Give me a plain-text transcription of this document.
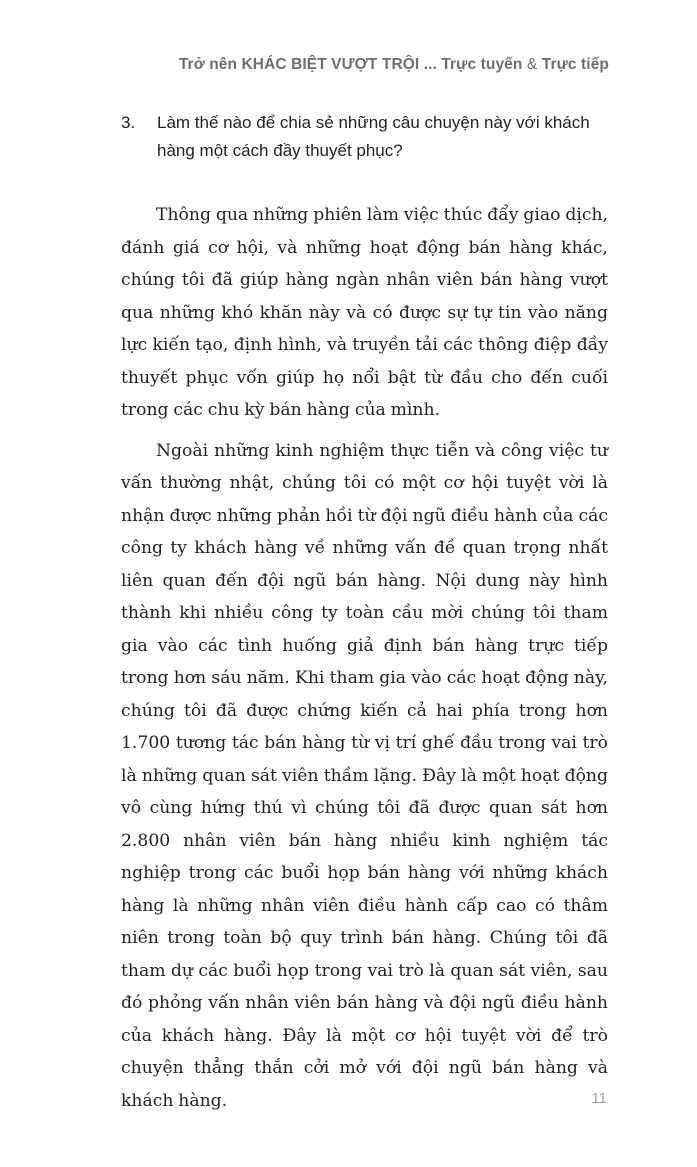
Trở nên KHÁC BIỆT VƯỢT TRỘI ... Trực tuyến & Trực tiếp
3. Làm thế nào để chia sẻ những câu chuyện này với khách hàng một cách đầy thuyết phục?

Thông qua những phiên làm việc thúc đẩy giao dịch, đánh giá cơ hội, và những hoạt động bán hàng khác, chúng tôi đã giúp hàng ngàn nhân viên bán hàng vượt qua những khó khăn này và có được sự tự tin vào năng lực kiến tạo, định hình, và truyền tải các thông điệp đầy thuyết phục vốn giúp họ nổi bật từ đầu cho đến cuối trong các chu kỳ bán hàng của mình.

Ngoài những kinh nghiệm thực tiễn và công việc tư vấn thường nhật, chúng tôi có một cơ hội tuyệt vời là nhận được những phản hồi từ đội ngũ điều hành của các công ty khách hàng về những vấn đề quan trọng nhất liên quan đến đội ngũ bán hàng. Nội dung này hình thành khi nhiều công ty toàn cầu mời chúng tôi tham gia vào các tình huống giả định bán hàng trực tiếp trong hơn sáu năm. Khi tham gia vào các hoạt động này, chúng tôi đã được chứng kiến cả hai phía trong hơn 1.700 tương tác bán hàng từ vị trí ghế đầu trong vai trò là những quan sát viên thầm lặng. Đây là một hoạt động vô cùng hứng thú vì chúng tôi đã được quan sát hơn 2.800 nhân viên bán hàng nhiều kinh nghiệm tác nghiệp trong các buổi họp bán hàng với những khách hàng là những nhân viên điều hành cấp cao có thâm niên trong toàn bộ quy trình bán hàng. Chúng tôi đã tham dự các buổi họp trong vai trò là quan sát viên, sau đó phỏng vấn nhân viên bán hàng và đội ngũ điều hành của khách hàng. Đây là một cơ hội tuyệt vời để trò chuyện thẳng thắn cởi mở với đội ngũ bán hàng và khách hàng.	11
